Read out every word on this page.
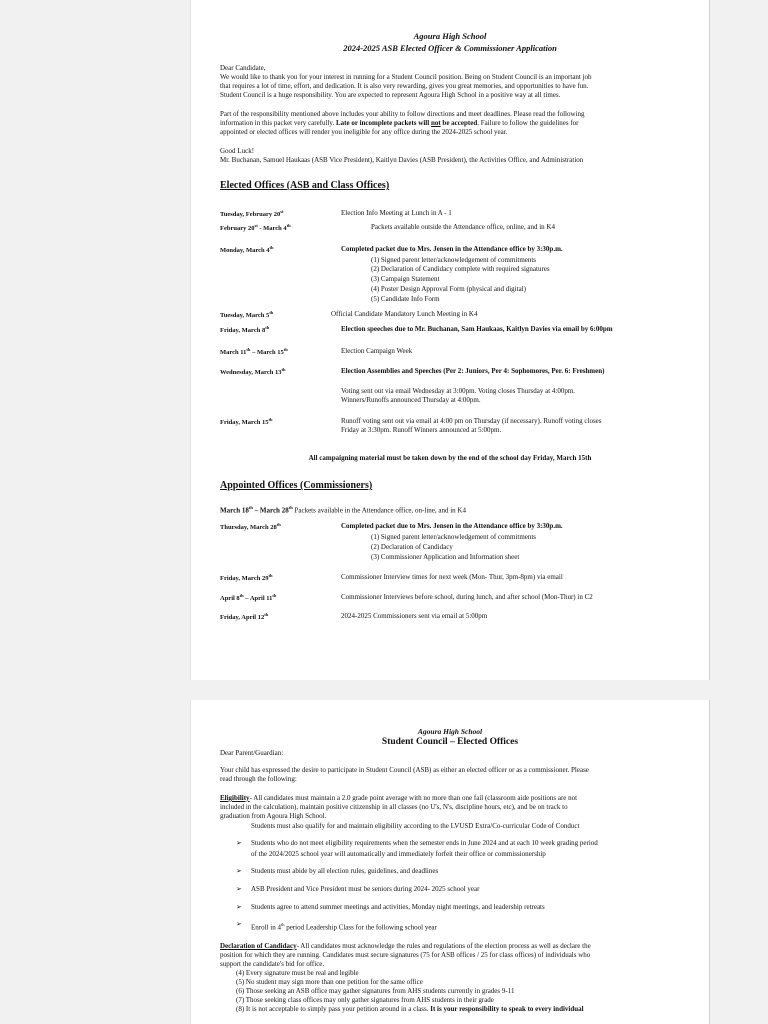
Agoura High School
2024-2025 ASB Elected Officer & Commissioner Application
Dear Candidate,
We would like to thank you for your interest in running for a Student Council position. Being on Student Council is an important job
that requires a lot of time, effort, and dedication. It is also very rewarding, gives you great memories, and opportunities to have fun.
Student Council is a huge responsibility. You are expected to represent Agoura High School in a positive way at all times.
Part of the responsibility mentioned above includes your ability to follow directions and meet deadlines. Please read the following
information in this packet very carefully. Late or incomplete packets will not be accepted. Failure to follow the guidelines for
appointed or elected offices will render you ineligible for any office during the 2024-2025 school year.
Good Luck!
Mr. Buchanan, Samuel Haukaas (ASB Vice President), Kaitlyn Davies (ASB President), the Activities Office, and Administration
Elected Offices (ASB and Class Offices)
Tuesday, February 20st	Election Info Meeting at Lunch in A - 1
February 20st - March 4th	Packets available outside the Attendance office, online, and in K4
Monday, March 4th	Completed packet due to Mrs. Jensen in the Attendance office by 3:30p.m.
(1) Signed parent letter/acknowledgement of commitments
(2) Declaration of Candidacy complete with required signatures
(3) Campaign Statement
(4) Poster Design Approval Form (physical and digital)
(5) Candidate Info Form
Tuesday, March 5th	Official Candidate Mandatory Lunch Meeting in K4
Friday, March 8th	Election speeches due to Mr. Buchanan, Sam Haukaas, Kaitlyn Davies via email by 6:00pm
March 11th – March 15th	Election Campaign Week
Wednesday, March 13th	Election Assemblies and Speeches (Per 2: Juniors, Per 4: Sophomores, Per. 6: Freshmen)
Voting sent out via email Wednesday at 3:00pm. Voting closes Thursday at 4:00pm.
Winners/Runoffs announced Thursday at 4:00pm.
Friday, March 15th	Runoff voting sent out via email at 4:00 pm on Thursday (if necessary). Runoff voting closes
Friday at 3:30pm. Runoff Winners announced at 5:00pm.
All campaigning material must be taken down by the end of the school day Friday, March 15th
Appointed Offices (Commissioners)
March 18th – March 28th Packets available in the Attendance office, on-line, and in K4
Thursday, March 28th	Completed packet due to Mrs. Jensen in the Attendance office by 3:30p.m.
(1) Signed parent letter/acknowledgement of commitments
(2) Declaration of Candidacy
(3) Commissioner Application and Information sheet
Friday, March 29th	Commissioner Interview times for next week (Mon- Thur, 3pm-8pm) via email
April 8th – April 11th	Commissioner Interviews before school, during lunch, and after school (Mon-Thur) in C2
Friday, April 12th	2024-2025 Commissioners sent via email at 5:00pm
Agoura High School
Student Council – Elected Offices
Dear Parent/Guardian:
Your child has expressed the desire to participate in Student Council (ASB) as either an elected officer or as a commissioner. Please
read through the following:
Eligibility- All candidates must maintain a 2.0 grade point average with no more than one fail (classroom aide positions are not
included in the calculation), maintain positive citizenship in all classes (no U's, N's, discipline hours, etc), and be on track to
graduation from Agoura High School.
Students must also qualify for and maintain eligibility according to the LVUSD Extra/Co-curricular Code of Conduct
➢ Students who do not meet eligibility requirements when the semester ends in June 2024 and at each 10 week grading period
of the 2024/2025 school year will automatically and immediately forfeit their office or commissionership
➢ Students must abide by all election rules, guidelines, and deadlines
➢ ASB President and Vice President must be seniors during 2024- 2025 school year
➢ Students agree to attend summer meetings and activities, Monday night meetings, and leadership retreats
➢ Enroll in 4th period Leadership Class for the following school year
Declaration of Candidacy- All candidates must acknowledge the rules and regulations of the election process as well as declare the
position for which they are running. Candidates must secure signatures (75 for ASB offices / 25 for class offices) of individuals who
support the candidate's bid for office.
(4) Every signature must be real and legible
(5) No student may sign more than one petition for the same office
(6) Those seeking an ASB office may gather signatures from AHS students currently in grades 9-11
(7) Those seeking class offices may only gather signatures from AHS students in their grade
(8) It is not acceptable to simply pass your petition around in a class. It is your responsibility to speak to every individual
